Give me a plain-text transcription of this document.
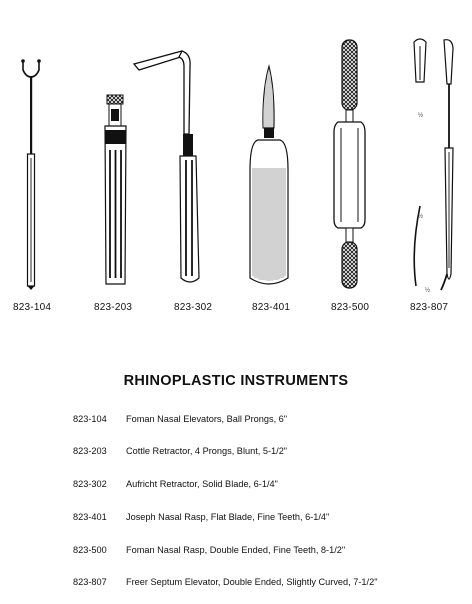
½
½
½
823-104	823-203	823-302	823-401	823-500	823-807
RHINOPLASTIC INSTRUMENTS
823-104 Foman Nasal Elevators, Ball Prongs, 6"
823-203 Cottle Retractor, 4 Prongs, Blunt, 5-1/2"
823-302 Aufricht Retractor, Solid Blade, 6-1/4"
823-401 Joseph Nasal Rasp, Flat Blade, Fine Teeth, 6-1/4"
823-500 Foman Nasal Rasp, Double Ended, Fine Teeth, 8-1/2"
823-807 Freer Septum Elevator, Double Ended, Slightly Curved, 7-1/2"
